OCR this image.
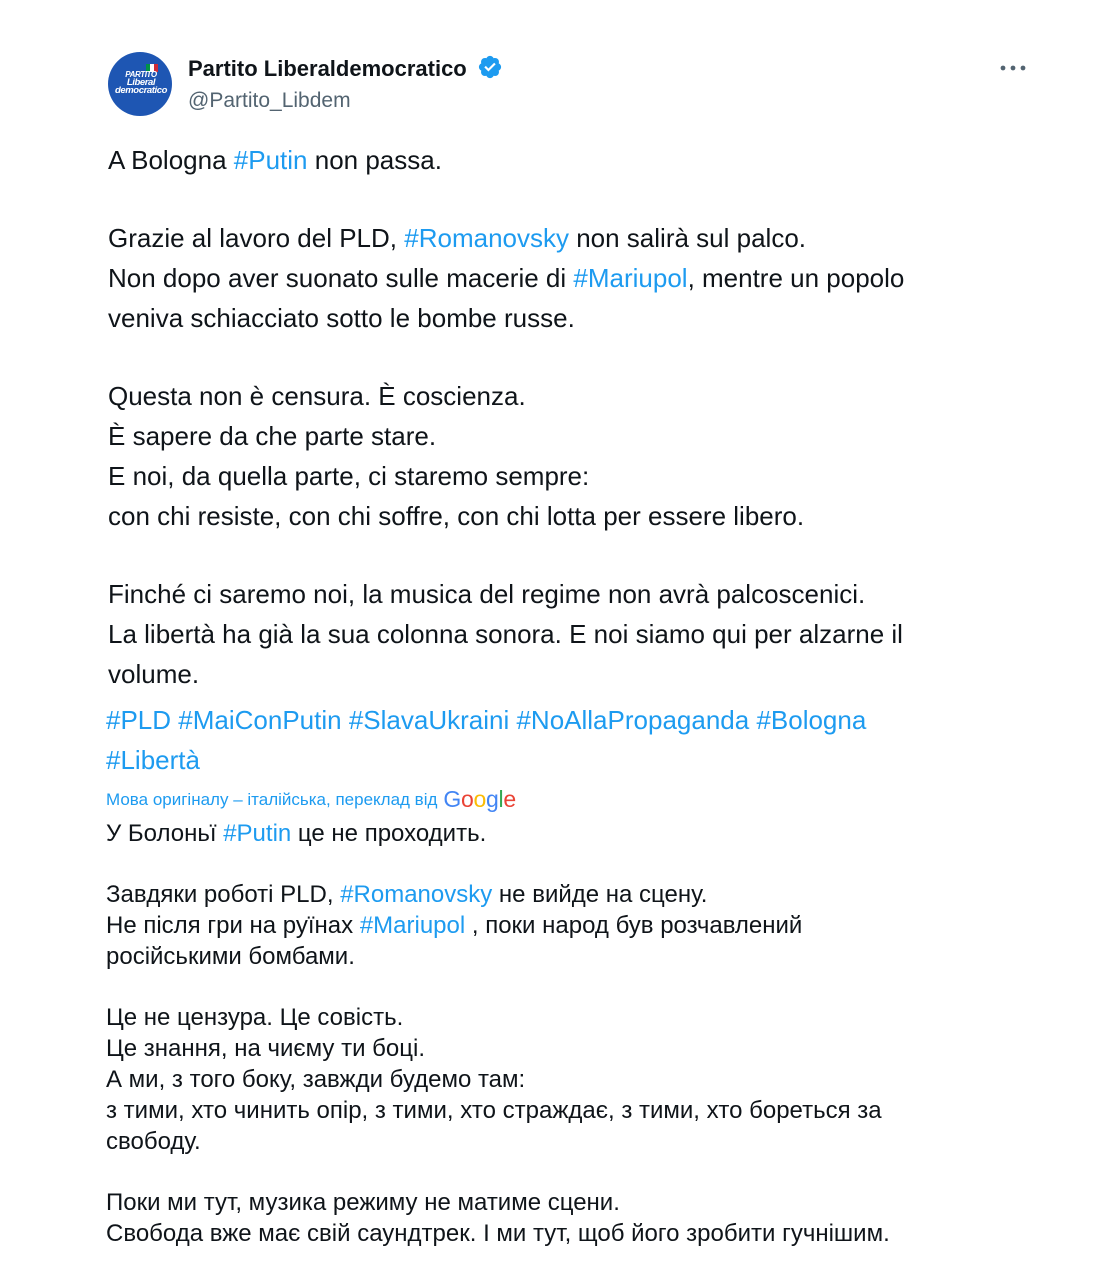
PARTITO
Liberal
democratico
Partito Liberaldemocratico
@Partito_Libdem
A Bologna #Putin non passa.
Grazie al lavoro del PLD, #Romanovsky non salirà sul palco.
Non dopo aver suonato sulle macerie di #Mariupol, mentre un popolo
veniva schiacciato sotto le bombe russe.
Questa non è censura. È coscienza.
È sapere da che parte stare.
E noi, da quella parte, ci staremo sempre:
con chi resiste, con chi soffre, con chi lotta per essere libero.
Finché ci saremo noi, la musica del regime non avrà palcoscenici.
La libertà ha già la sua colonna sonora. E noi siamo qui per alzarne il
volume.
#PLD #MaiConPutin #SlavaUkraini #NoAllaPropaganda #Bologna
#Libertà
Мова оригіналу – італійська, переклад від Google
У Болоньї #Putin це не проходить.
Завдяки роботі PLD, #Romanovsky не вийде на сцену.
Не після гри на руїнах #Mariupol , поки народ був розчавлений
російськими бомбами.
Це не цензура. Це совість.
Це знання, на чиєму ти боці.
А ми, з того боку, завжди будемо там:
з тими, хто чинить опір, з тими, хто страждає, з тими, хто бореться за
свободу.
Поки ми тут, музика режиму не матиме сцени.
Свобода вже має свій саундтрек. І ми тут, щоб його зробити гучнішим.
